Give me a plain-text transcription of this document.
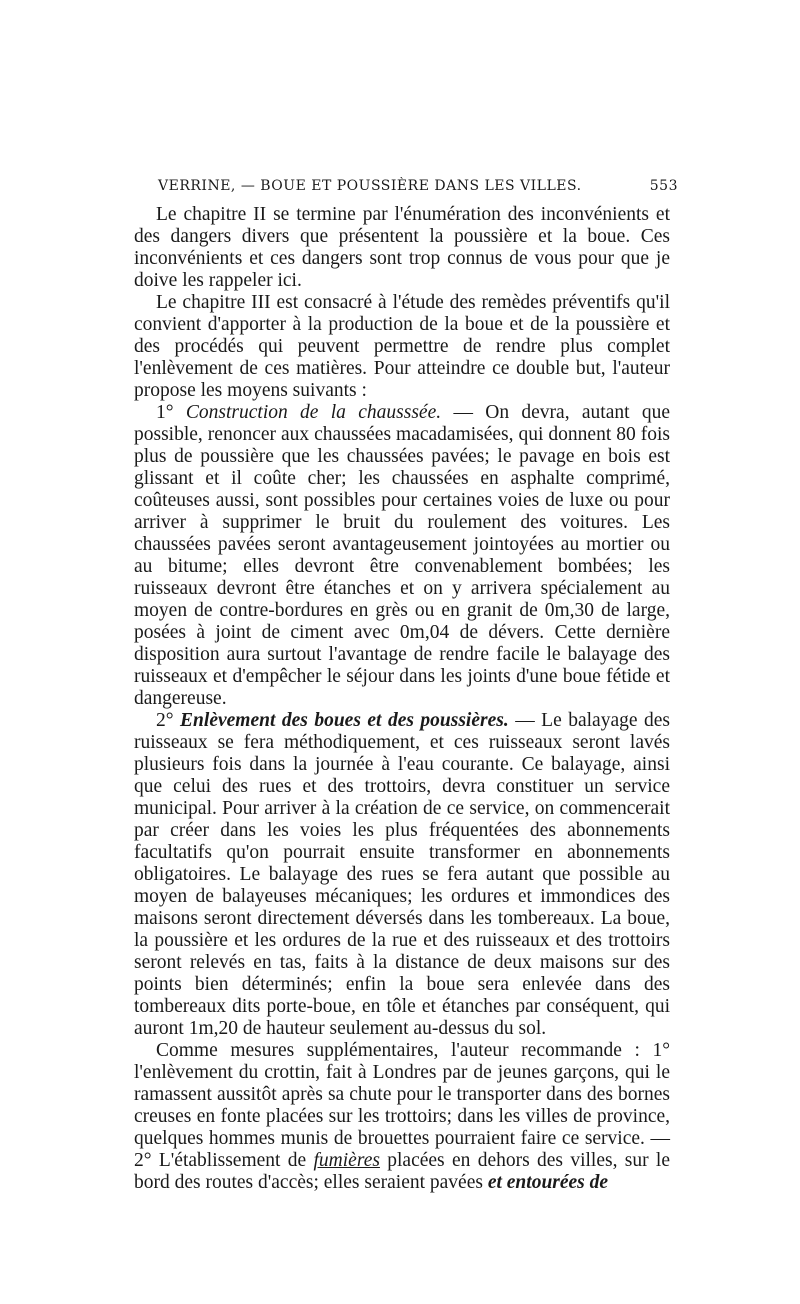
VERRINE, — BOUE ET POUSSIÈRE DANS LES VILLES.	553

Le chapitre II se termine par l'énumération des inconvénients et des dangers divers que présentent la poussière et la boue. Ces inconvénients et ces dangers sont trop connus de vous pour que je doive les rappeler ici.

Le chapitre III est consacré à l'étude des remèdes préventifs qu'il convient d'apporter à la production de la boue et de la poussière et des procédés qui peuvent permettre de rendre plus complet l'enlèvement de ces matières. Pour atteindre ce double but, l'auteur propose les moyens suivants :

1° Construction de la chausssée. — On devra, autant que possible, renoncer aux chaussées macadamisées, qui donnent 80 fois plus de poussière que les chaussées pavées; le pavage en bois est glissant et il coûte cher; les chaussées en asphalte comprimé, coûteuses aussi, sont possibles pour certaines voies de luxe ou pour arriver à supprimer le bruit du roulement des voitures. Les chaussées pavées seront avantageusement jointoyées au mortier ou au bitume; elles devront être convenablement bombées; les ruisseaux devront être étanches et on y arrivera spécialement au moyen de contre-bordures en grès ou en granit de 0m,30 de large, posées à joint de ciment avec 0m,04 de dévers. Cette dernière disposition aura surtout l'avantage de rendre facile le balayage des ruisseaux et d'empêcher le séjour dans les joints d'une boue fétide et dangereuse.

2° Enlèvement des boues et des poussières. — Le balayage des ruisseaux se fera méthodiquement, et ces ruisseaux seront lavés plusieurs fois dans la journée à l'eau courante. Ce balayage, ainsi que celui des rues et des trottoirs, devra constituer un service municipal. Pour arriver à la création de ce service, on commencerait par créer dans les voies les plus fréquentées des abonnements facultatifs qu'on pourrait ensuite transformer en abonnements obligatoires. Le balayage des rues se fera autant que possible au moyen de balayeuses mécaniques; les ordures et immondices des maisons seront directement déversés dans les tombereaux. La boue, la poussière et les ordures de la rue et des ruisseaux et des trottoirs seront relevés en tas, faits à la distance de deux maisons sur des points bien déterminés; enfin la boue sera enlevée dans des tombereaux dits porte-boue, en tôle et étanches par conséquent, qui auront 1m,20 de hauteur seulement au-dessus du sol.

Comme mesures supplémentaires, l'auteur recommande : 1° l'enlèvement du crottin, fait à Londres par de jeunes garçons, qui le ramassent aussitôt après sa chute pour le transporter dans des bornes creuses en fonte placées sur les trottoirs; dans les villes de province, quelques hommes munis de brouettes pourraient faire ce service. — 2° L'établissement de fumières placées en dehors des villes, sur le bord des routes d'accès; elles seraient pavées et entourées de
